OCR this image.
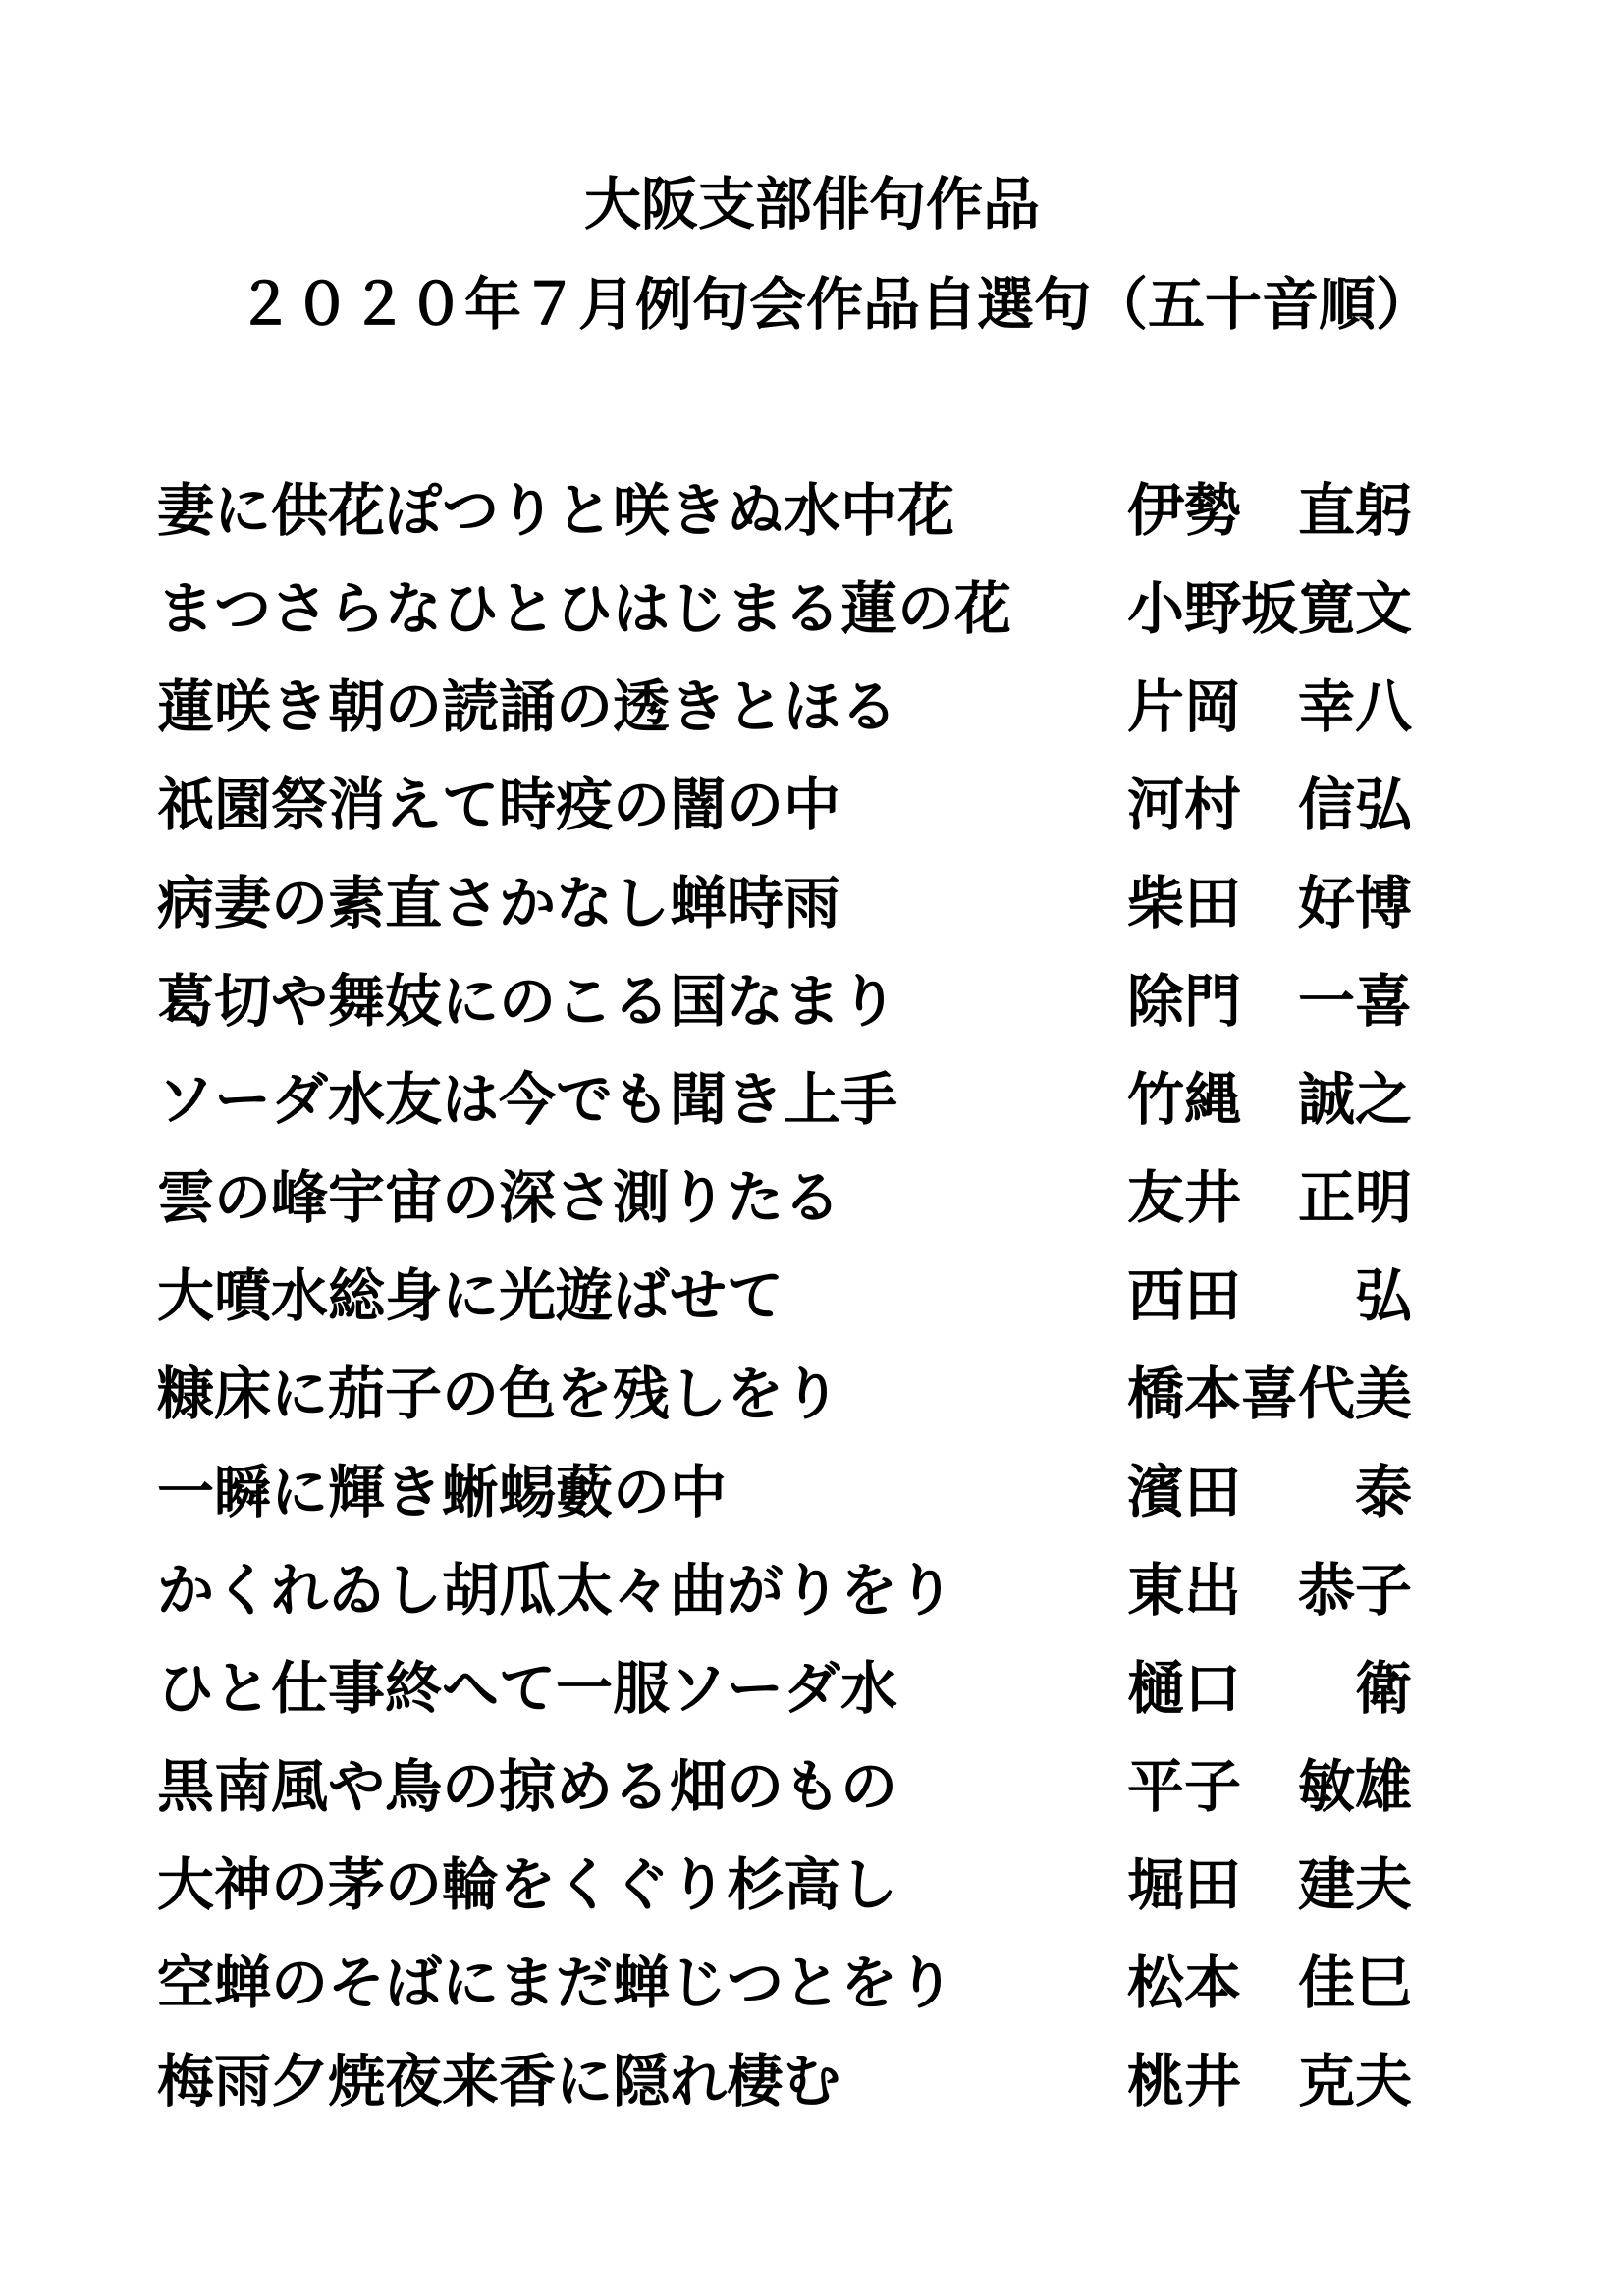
大阪支部俳句作品
２０２０年７月例句会作品自選句（五十音順）
妻に供花ぽつりと咲きぬ水中花	伊勢　直躬
まつさらなひとひはじまる蓮の花 小野坂寛文
蓮咲き朝の読誦の透きとほる	片岡　幸八
祇園祭消えて時疫の闇の中	河村　信弘
病妻の素直さかなし蝉時雨	柴田　好博
葛切や舞妓にのこる国なまり	除門　一喜
ソーダ水友は今でも聞き上手	竹縄　誠之
雲の峰宇宙の深さ測りたる	友井　正明
大噴水総身に光遊ばせて	西田　　弘
糠床に茄子の色を残しをり	橋本喜代美
一瞬に輝き蜥蜴藪の中	濱田　　泰
かくれゐし胡瓜太々曲がりをり	東出　恭子
ひと仕事終へて一服ソーダ水	樋口　　衛
黒南風や鳥の掠める畑のもの	平子　敏雄
大神の茅の輪をくぐり杉高し	堀田　建夫
空蝉のそばにまだ蝉じつとをり	松本　佳巳
梅雨夕焼夜来香に隠れ棲む	桃井　克夫
